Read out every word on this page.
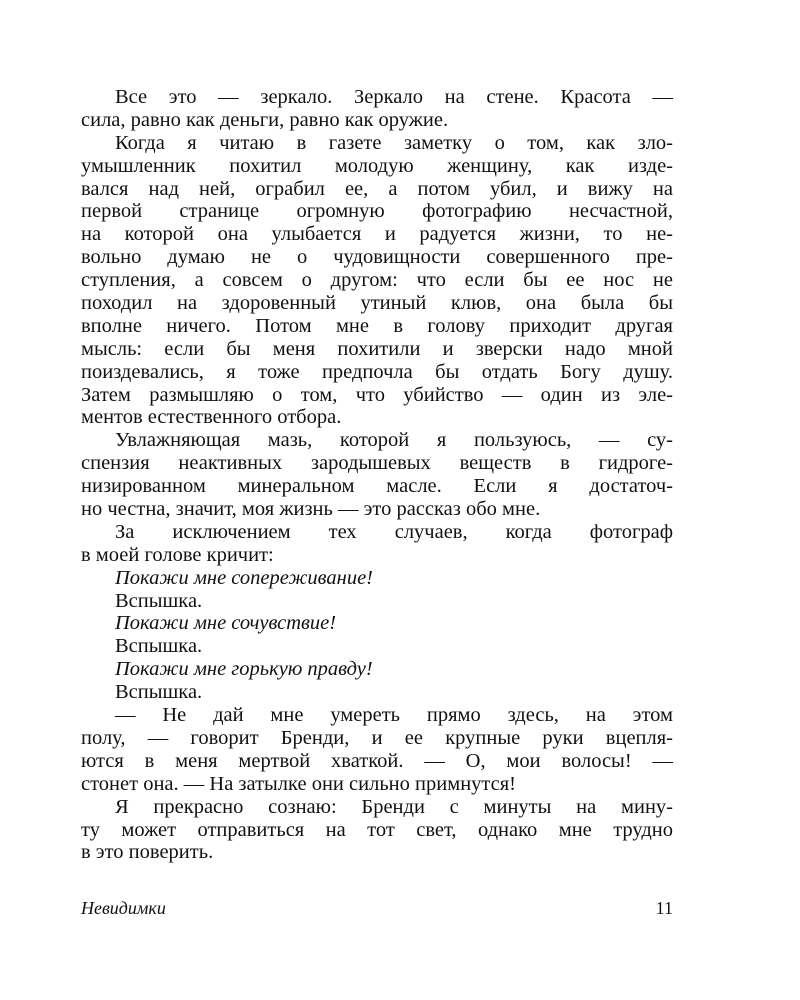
Все это — зеркало. Зеркало на стене. Красота —
сила, равно как деньги, равно как оружие.
Когда я читаю в газете заметку о том, как зло-
умышленник похитил молодую женщину, как изде-
вался над ней, ограбил ее, а потом убил, и вижу на
первой странице огромную фотографию несчастной,
на которой она улыбается и радуется жизни, то не-
вольно думаю не о чудовищности совершенного пре-
ступления, а совсем о другом: что если бы ее нос не
походил на здоровенный утиный клюв, она была бы
вполне ничего. Потом мне в голову приходит другая
мысль: если бы меня похитили и зверски надо мной
поиздевались, я тоже предпочла бы отдать Богу душу.
Затем размышляю о том, что убийство — один из эле-
ментов естественного отбора.
Увлажняющая мазь, которой я пользуюсь, — су-
спензия неактивных зародышевых веществ в гидроге-
низированном минеральном масле. Если я достаточ-
но честна, значит, моя жизнь — это рассказ обо мне.
За исключением тех случаев, когда фотограф
в моей голове кричит:
Покажи мне сопереживание!
Вспышка.
Покажи мне сочувствие!
Вспышка.
Покажи мне горькую правду!
Вспышка.
— Не дай мне умереть прямо здесь, на этом
полу, — говорит Бренди, и ее крупные руки вцепля-
ются в меня мертвой хваткой. — О, мои волосы! —
стонет она. — На затылке они сильно примнутся!
Я прекрасно сознаю: Бренди с минуты на мину-
ту может отправиться на тот свет, однако мне трудно
в это поверить.
Невидимки	11
